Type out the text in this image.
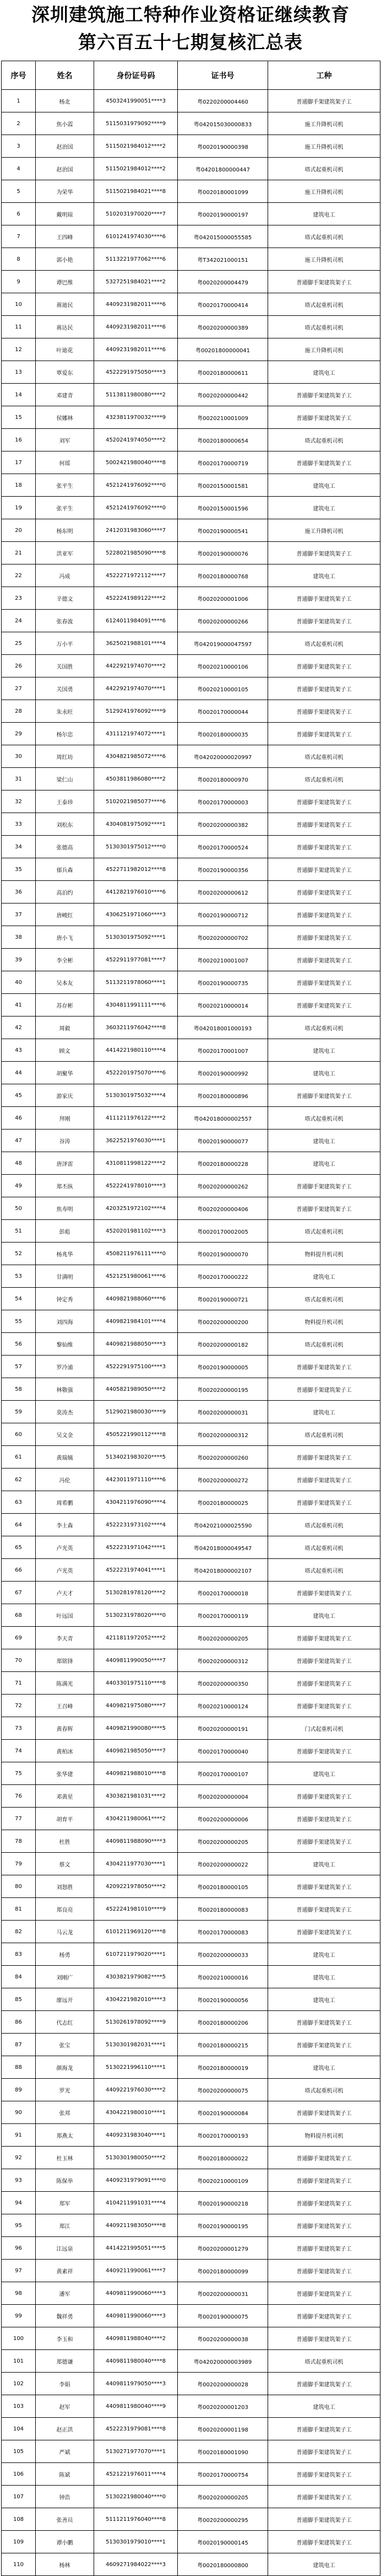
深圳建筑施工特种作业资格证继续教育
第六百五十七期复核汇总表
序号	姓名	身份证号码	证书号	工种
1	杨北	4503241990051****3	粤0220200004460	普通脚手架建筑架子工
2	焦小霞	5115031979092****9	粤042015030000833	施工升降机司机
3	赵治国	5115021984012****2	粤0020190000398	施工升降机司机
4	赵治国	5115021984012****2	粤04201800000447	塔式起重机司机
5	为荣华	5115021984021****8	粤0020180001099	施工升降机司机
6	戴明琼	5102031970020****7	粤0020190000197	建筑电工
7	王四峰	6101241974030****6	粤042015000055585	塔式起重机司机
8	郭小艳	5113221977062****6	粤T342021000151	施工升降机司机
9	谭巴维	5327251984021****2	粤0020200004479	普通脚手架建筑架子工
10	蒋迪民	4409231982011****6	粤0020170000414	塔式起重机司机
11	蒋达民	4409231982011****6	粤0020200000389	塔式起重机司机
12	叶迪花	4409231982011****6	粤00201800000041	施工升降机司机
13	覃爱东	4522291975050****3	粤0020180000611	建筑电工
14	邓建青	5113811980080****2	粤0020200000442	普通脚手架建筑架子工
15	侯娜林	4323811970032****9	粤0020210001009	普通脚手架建筑架子工
16	刘军	4520241974050****2	粤0020180000654	塔式起重机司机
17	何瑶	5002421980040****8	粤0020170000719	普通脚手架建筑架子工
18	张平生	4521241976092****0	粤0020150001581	建筑电工
19	张平生	4521241976092****0	粤0020150001596	建筑电工
20	杨东明	2412031983060****7	粤0020190000541	施工升降机司机
21	洪亚军	5228021985090****8	粤0020190000076	普通脚手架建筑架子工
22	冯成	4522271972112****7	粤0020180000768	建筑电工
23	辛德文	4522241989122****2	粤0020200001006	普通脚手架建筑架子工
24	张春波	6124011984091****6	粤0020200000266	普通脚手架建筑架子工
25	万小平	3625021988101****4	粤042019000047597	塔式起重机司机
26	关国胜	4422921974070****2	粤0020210000106	普通脚手架建筑架子工
27	关国勇	4422921974070****1	粤0020210000105	普通脚手架建筑架子工
28	朱永旺	5129241976092****9	粤0020170000044	普通脚手架建筑架子工
29	杨尔忠	4311121974072****1	粤0020180000035	普通脚手架建筑架子工
30	周红坊	4304821985072****6	粤042020000020997	塔式起重机司机
31	梁仁山	4503811986080****2	粤0020180000970	塔式起重机司机
32	王泰珍	5102021985077****6	粤0020170000003	普通脚手架建筑架子工
33	刘松东	4304081975092****1	粤0020200000382	普通脚手架建筑架子工
34	张德高	5130301975012****0	粤0020170000524	普通脚手架建筑架子工
35	郁兵森	4522711982012****8	粤0020190000356	普通脚手架建筑架子工
36	高泊约	4412821976010****6	粤0020200000612	普通脚手架建筑架子工
37	唐峻红	4306251971060****3	粤0020190000712	普通脚手架建筑架子工
38	唐小飞	5130301975092****1	粤0020200000702	普通脚手架建筑架子工
39	李全彬	4522911977081****7	粤0020210001007	普通脚手架建筑架子工
40	吴本友	5113211978060****1	粤0020190000735	普通脚手架建筑架子工
41	苏存彬	4304811991111****6	粤0020210000014	普通脚手架建筑架子工
42	周毅	3603211976042****8	粤042018001000193	塔式起重机司机
43	顾文	4414221980110****4	粤0020170001007	建筑电工
44	胡聚华	4522201975070****6	粤0020190000992	建筑电工
45	游家庆	5130301975032****4	粤0020180000896	普通脚手架建筑架子工
46	拜刚	4111211976122****2	粤042018000002557	塔式起重机司机
47	谷涛	3622521976030****1	粤0020190000077	建筑电工
48	唐泽雷	4310811998122****2	粤0020180000228	建筑电工
49	郑丕纵	4522241978010****3	粤0020200000262	普通脚手架建筑架子工
50	焦寿明	4203251972102****4	粤0020200000406	普通脚手架建筑架子工
51	彭彪	4520201981102****3	粤0020170002005	塔式起重机司机
52	杨兆华	4508211976111****0	粤0020190000070	物料提升机司机
53	甘满明	4521251980061****6	粤0020170000222	建筑电工
54	钟定秀	4409821988060****6	粤0020190000721	塔式起重机司机
55	刘四海	4409821984101****4	粤0020200000200	物料提升机司机
56	黎仙维	4409821988050****3	粤0020200000182	塔式起重机司机
57	罗冷浦	4522291975100****3	粤0020190000005	普通脚手架建筑架子工
58	林敬强	4405821989050****2	粤0020200000195	普通脚手架建筑架子工
59	莫涛杰	5129021980030****9	粤0020200000031	建筑电工
60	吴文金	4505221990112****8	粤0020200000312	塔式起重机司机
61	黄瑞姨	5134021983020****5	粤0020200000260	普通脚手架建筑架子工
62	冯伦	4423011971110****6	粤0020200000272	普通脚手架建筑架子工
63	周希鹏	4304211976090****4	粤0020180000025	普通脚手架建筑架子工
64	李土森	4522231973102****4	粤042021000025590	塔式起重机司机
65	卢光英	4522231971042****1	粤042018000049547	塔式起重机司机
66	卢光英	4522231974041****1	粤042018000002107	塔式起重机司机
67	卢天才	5130281978120****2	粤0020170000018	普通脚手架建筑架子工
68	叶远国	5130231978020****0	粤0020170000119	建筑电工
69	李天青	4211811972052****2	粤0020200000205	普通脚手架建筑架子工
70	郑铭锋	4409811990050****7	粤0020200000312	普通脚手架建筑架子工
71	陈满光	4403301975110****8	粤0020200000350	普通脚手架建筑架子工
72	王召峰	4409821975080****7	粤0020210000124	普通脚手架建筑架子工
73	黄春辉	4409821990080****5	粤0020200000191	门式起重机司机
74	黄柏冰	4409821985050****7	粤0020170000040	普通脚手架建筑架子工
75	张华建	4409821988010****8	粤0020170000107	建筑电工
76	邓黄星	4303821981031****2	粤0020200000004	普通脚手架建筑架子工
77	胡育平	4304211980061****2	粤0020200000006	普通脚手架建筑架子工
78	杜胜	4409811988090****3	粤0020200000205	普通脚手架建筑架子工
79	蔡文	4304211977030****1	粤0020200000022	建筑电工
80	刘怒胜	4209221978050****2	粤0020180000105	普通脚手架建筑架子工
81	郑良亮	4522241981010****9	粤0020180000083	普通脚手架建筑架子工
82	马云龙	6101211969120****8	粤0020170000083	普通脚手架建筑架子工
83	杨勇	6107211979020****1	粤0020200000033	建筑电工
84	刘刚广	4303821979082****5	粤0020210000016	建筑电工
85	廖远开	4304221982010****3	粤0020190000056	建筑电工
86	代志红	5130261978092****9	粤0020180000206	普通脚手架建筑架子工
87	张宝	5130301982031****1	粤0020180000215	普通脚手架建筑架子工
88	颜海龙	5130221996110****1	粤0020180000019	建筑电工
89	罗光	4409221976030****2	粤0020200000075	塔式起重机司机
90	张邦	4304221980010****1	粤0020190000084	普通脚手架建筑架子工
91	郑燕太	4409231983040****1	粤0020170000193	物料提升机司机
92	杜玉林	5130301980050****2	粤0020180000022	普通脚手架建筑架子工
93	陈保举	4409231979091****0	粤0020210000109	普通脚手架建筑架子工
94	郑军	4104211991031****4	粤0020190000218	普通脚手架建筑架子工
95	郑江	4409211983050****8	粤0020190000195	普通脚手架建筑架子工
96	江远泉	4414221995051****5	粤0020200001279	普通脚手架建筑架子工
97	黄素祥	4409211990061****7	粤0020180000099	普通脚手架建筑架子工
98	潘军	4409811990060****3	粤0020200000031	普通脚手架建筑架子工
99	魏祥勇	4409811990060****3	粤0020190000075	普通脚手架建筑架子工
100	李玉和	4409811988040****2	粤0020200000038	普通脚手架建筑架子工
101	郑德谦	4409811980040****8	粤042020000003989	塔式起重机司机
102	李娟	4409811979050****3	粤0020200000028	普通脚手架建筑架子工
103	赵军	4409811980040****9	粤0020200001203	建筑电工
104	赵正洪	4522231979081****8	粤0020200001198	普通脚手架建筑架子工
105	严斌	5130271977070****1	粤0020180001090	普通脚手架建筑架子工
106	陈斌	4521221976011****4	粤0020170000754	普通脚手架建筑架子工
107	钟浩	5130221980040****0	粤0020200000205	普通脚手架建筑架子工
108	张善员	5111211976040****8	粤0020200000295	普通脚手架建筑架子工
109	谭小鹏	5130301979010****1	粤0020190000145	普通脚手架建筑架子工
110	杨林	4609271984022****3	粤0020180000800	建筑电工
